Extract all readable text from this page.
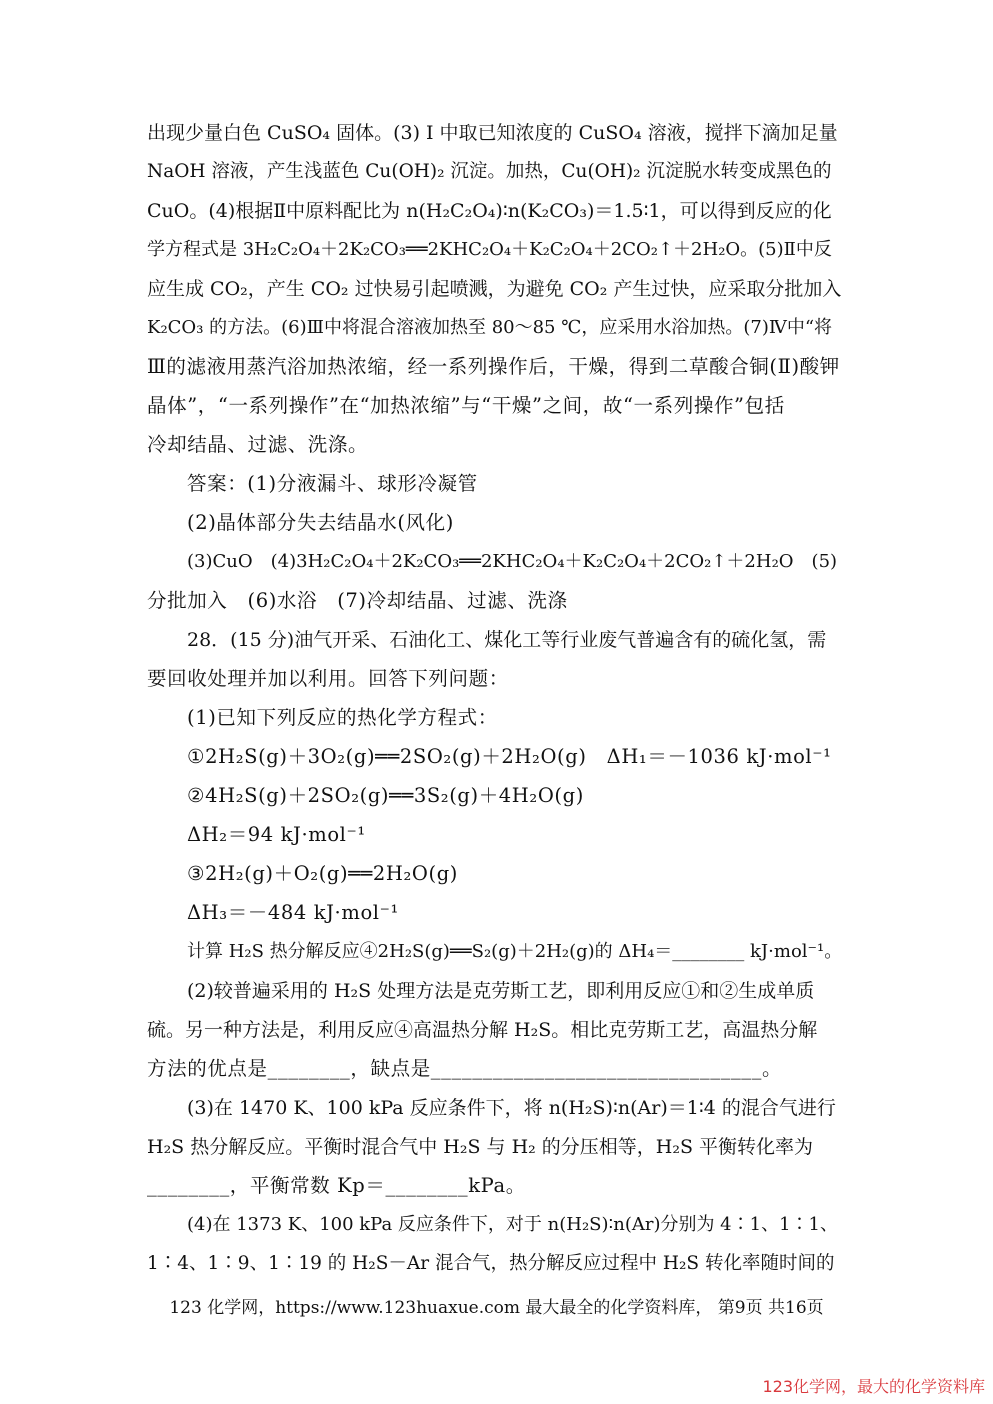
出现少量白色 CuSO₄ 固体。(3) Ⅰ 中取已知浓度的 CuSO₄ 溶液，搅拌下滴加足量
NaOH 溶液，产生浅蓝色 Cu(OH)₂ 沉淀。加热，Cu(OH)₂ 沉淀脱水转变成黑色的
CuO。(4)根据Ⅱ中原料配比为 n(H₂C₂O₄)∶n(K₂CO₃)＝1.5∶1，可以得到反应的化
学方程式是 3H₂C₂O₄＋2K₂CO₃══2KHC₂O₄＋K₂C₂O₄＋2CO₂↑＋2H₂O。(5)Ⅱ中反
应生成 CO₂，产生 CO₂ 过快易引起喷溅，为避免 CO₂ 产生过快，应采取分批加入
K₂CO₃ 的方法。(6)Ⅲ中将混合溶液加热至 80～85 ℃，应采用水浴加热。(7)Ⅳ中“将
Ⅲ的滤液用蒸汽浴加热浓缩，经一系列操作后，干燥，得到二草酸合铜(Ⅱ)酸钾
晶体”，“一系列操作”在“加热浓缩”与“干燥”之间，故“一系列操作”包括
冷却结晶、过滤、洗涤。
答案：(1)分液漏斗、球形冷凝管
(2)晶体部分失去结晶水(风化)
(3)CuO　(4)3H₂C₂O₄＋2K₂CO₃══2KHC₂O₄＋K₂C₂O₄＋2CO₂↑＋2H₂O　(5)
分批加入　(6)水浴　(7)冷却结晶、过滤、洗涤
28．(15 分)油气开采、石油化工、煤化工等行业废气普遍含有的硫化氢，需
要回收处理并加以利用。回答下列问题：
(1)已知下列反应的热化学方程式：
①2H₂S(g)＋3O₂(g)══2SO₂(g)＋2H₂O(g)　ΔH₁＝－1036 kJ·mol⁻¹
②4H₂S(g)＋2SO₂(g)══3S₂(g)＋4H₂O(g)
ΔH₂＝94 kJ·mol⁻¹
③2H₂(g)＋O₂(g)══2H₂O(g)
ΔH₃＝－484 kJ·mol⁻¹
计算 H₂S 热分解反应④2H₂S(g)══S₂(g)＋2H₂(g)的 ΔH₄＝________ kJ·mol⁻¹。
(2)较普遍采用的 H₂S 处理方法是克劳斯工艺，即利用反应①和②生成单质
硫。另一种方法是，利用反应④高温热分解 H₂S。相比克劳斯工艺，高温热分解
方法的优点是________，缺点是________________________________。
(3)在 1470 K、100 kPa 反应条件下，将 n(H₂S)∶n(Ar)＝1∶4 的混合气进行
H₂S 热分解反应。平衡时混合气中 H₂S 与 H₂ 的分压相等，H₂S 平衡转化率为
________，平衡常数 Kp＝________kPa。
(4)在 1373 K、100 kPa 反应条件下，对于 n(H₂S)∶n(Ar)分别为 4∶1、1∶1、
1∶4、1∶9、1∶19 的 H₂S－Ar 混合气，热分解反应过程中 H₂S 转化率随时间的
123 化学网，https://www.123huaxue.com 最大最全的化学资料库， 第9页 共16页
123化学网，最大的化学资料库
